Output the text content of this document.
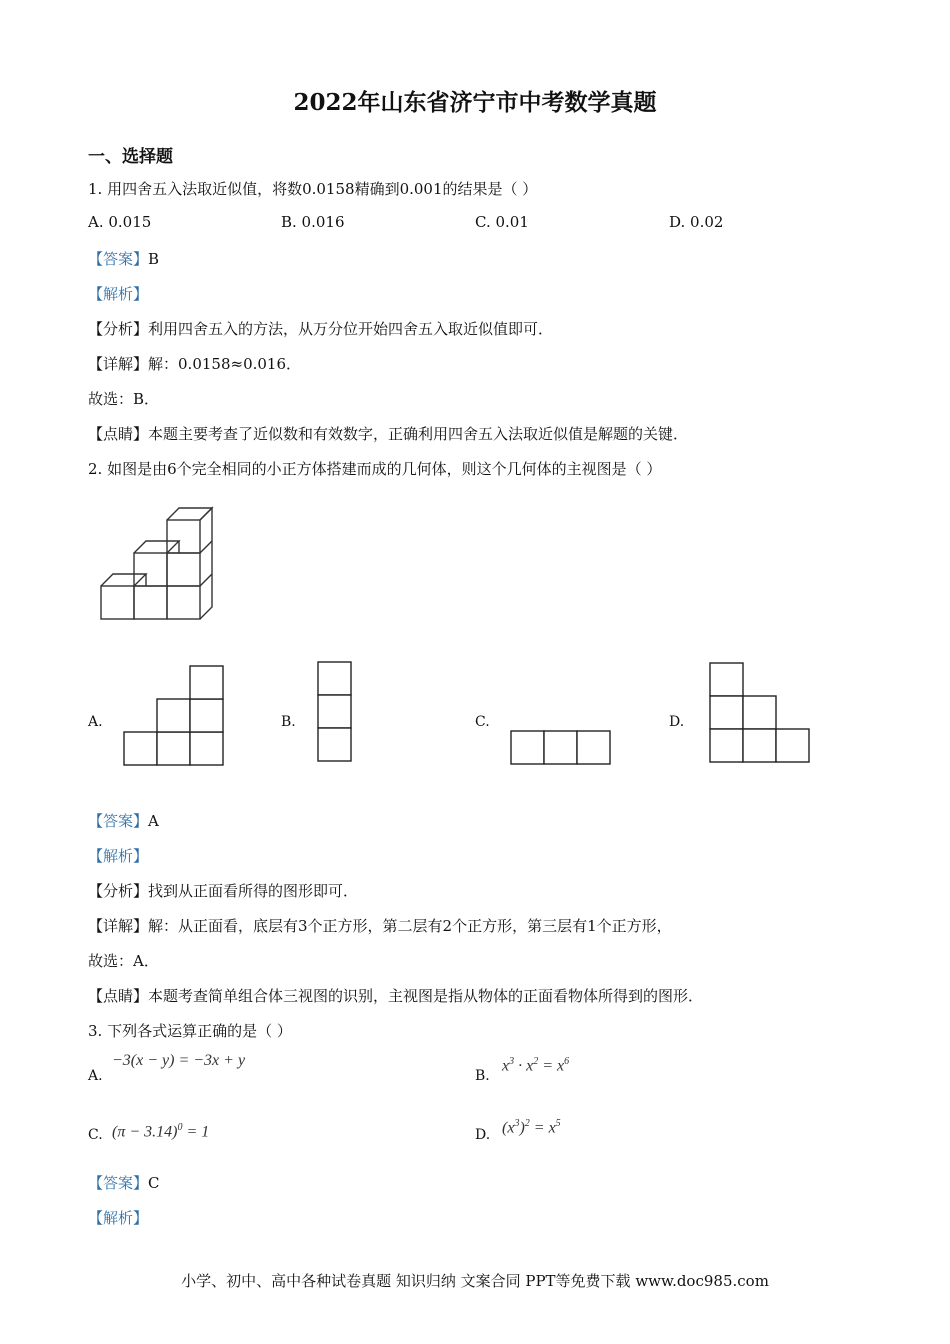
2022年山东省济宁市中考数学真题
一、选择题
1. 用四舍五入法取近似值，将数0.0158精确到0.001的结果是（ ）
A. 0.015	B. 0.016	C. 0.01	D. 0.02
【答案】B
【解析】
【分析】利用四舍五入的方法，从万分位开始四舍五入取近似值即可．
【详解】解：0.0158≈0.016．
故选：B．
【点睛】本题主要考查了近似数和有效数字，正确利用四舍五入法取近似值是解题的关键．
2. 如图是由6个完全相同的小正方体搭建而成的几何体，则这个几何体的主视图是（ ）
A.	B.	C.	D.
【答案】A
【解析】
【分析】找到从正面看所得的图形即可．
【详解】解：从正面看，底层有3个正方形，第二层有2个正方形，第三层有1个正方形，
故选：A．
【点睛】本题考查简单组合体三视图的识别，主视图是指从物体的正面看物体所得到的图形．
3. 下列各式运算正确的是（ ）
A.
−3(x − y) = −3x + y
B.
$x^3 \cdot x^2 = x^6$
C. $(\pi - 3.14)^0 = 1$	D. $(x^3)^2 = x^5$
【答案】C
【解析】
小学、初中、高中各种试卷真题 知识归纳 文案合同 PPT等免费下载 www.doc985.com
